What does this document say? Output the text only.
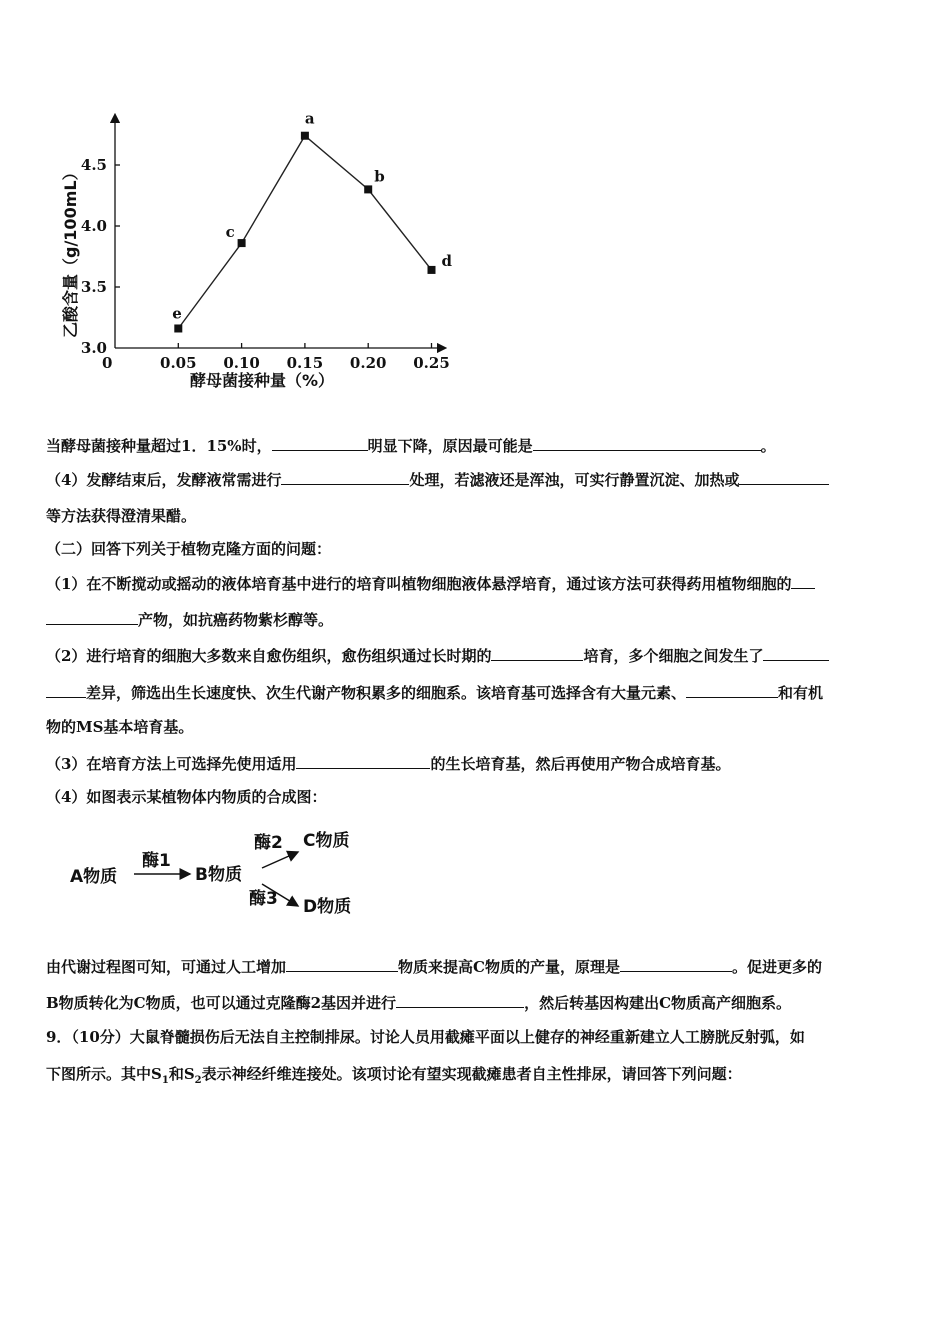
3.0
3.5
4.0
4.5
0.05 0.10 0.15 0.20 0.25
e
c
a
b
d
0
酵母菌接种量（%）
乙酸含量（g/100mL）
当酵母菌接种量超过1．15%时，	明显下降，原因最可能是	。
（4）发酵结束后，发酵液常需进行	处理，若滤液还是浑浊，可实行静置沉淀、加热或
等方法获得澄清果醋。
（二）回答下列关于植物克隆方面的问题：
（1）在不断搅动或摇动的液体培育基中进行的培育叫植物细胞液体悬浮培育，通过该方法可获得药用植物细胞的
产物，如抗癌药物紫杉醇等。
（2）进行培育的细胞大多数来自愈伤组织，愈伤组织通过长时期的	培育，多个细胞之间发生了
差异，筛选出生长速度快、次生代谢产物积累多的细胞系。该培育基可选择含有大量元素、	和有机
物的MS基本培育基。
（3）在培育方法上可选择先使用适用	的生长培育基，然后再使用产物合成培育基。
（4）如图表示某植物体内物质的合成图：
A物质
酶1
B物质
酶2 C物质
酶3 D物质
由代谢过程图可知，可通过人工增加	物质来提高C物质的产量，原理是	。促进更多的
B物质转化为C物质，也可以通过克隆酶2基因并进行	，然后转基因构建出C物质高产细胞系。
9．（10分）大鼠脊髓损伤后无法自主控制排尿。讨论人员用截瘫平面以上健存的神经重新建立人工膀胱反射弧，如
下图所示。其中$S_1$和$S_2$表示神经纤维连接处。该项讨论有望实现截瘫患者自主性排尿，请回答下列问题：
